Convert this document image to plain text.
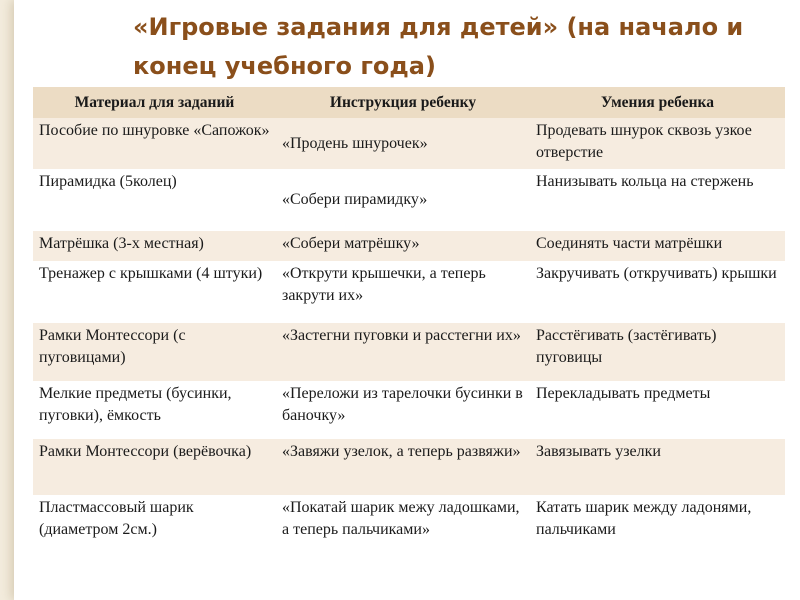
«Игровые задания для детей» (на начало и конец учебного года)
Материал для заданий	Инструкция ребенку	Умения ребенка
Пособие по шнуровке «Сапожок»	«Продень шнурочек»	Продевать шнурок сквозь узкое отверстие
Пирамидка (5колец)	«Собери пирамидку»	Нанизывать кольца на стержень
Матрёшка (3-х местная)	«Собери матрёшку»	Соединять части матрёшки
Тренажер с крышками (4 штуки)	«Открути крышечки, а теперь закрути их»	Закручивать (откручивать) крышки
Рамки Монтессори (с пуговицами)	«Застегни пуговки и расстегни их»	Расстёгивать (застёгивать) пуговицы
Мелкие предметы (бусинки, пуговки), ёмкость	«Переложи из тарелочки бусинки в баночку»	Перекладывать предметы
Рамки Монтессори (верёвочка)	«Завяжи узелок, а теперь развяжи»	Завязывать узелки
Пластмассовый шарик (диаметром 2см.)	«Покатай шарик межу ладошками, а теперь пальчиками»	Катать шарик между ладонями, пальчиками
